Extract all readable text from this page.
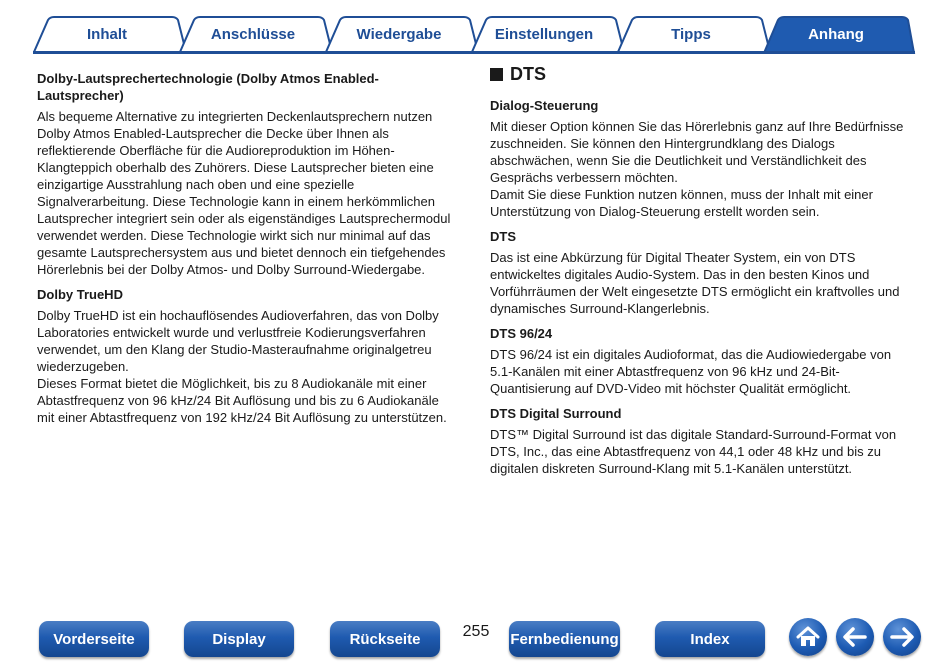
Inhalt	Anschlüsse	Wiedergabe	Einstellungen	Tipps	Anhang
Dolby-Lautsprechertechnologie (Dolby Atmos Enabled-Lautsprecher)
Als bequeme Alternative zu integrierten Deckenlautsprechern nutzen Dolby Atmos Enabled-Lautsprecher die Decke über Ihnen als reflektierende Oberfläche für die Audioreproduktion im Höhen-Klangteppich oberhalb des Zuhörers. Diese Lautsprecher bieten eine einzigartige Ausstrahlung nach oben und eine spezielle Signalverarbeitung. Diese Technologie kann in einem herkömmlichen Lautsprecher integriert sein oder als eigenständiges Lautsprechermodul verwendet werden. Diese Technologie wirkt sich nur minimal auf das gesamte Lautsprechersystem aus und bietet dennoch ein tiefgehendes Hörerlebnis bei der Dolby Atmos- und Dolby Surround-Wiedergabe.
Dolby TrueHD
Dolby TrueHD ist ein hochauflösendes Audioverfahren, das von Dolby Laboratories entwickelt wurde und verlustfreie Kodierungsverfahren verwendet, um den Klang der Studio-Masteraufnahme originalgetreu wiederzugeben.
Dieses Format bietet die Möglichkeit, bis zu 8 Audiokanäle mit einer Abtastfrequenz von 96 kHz/24 Bit Auflösung und bis zu 6 Audiokanäle mit einer Abtastfrequenz von 192 kHz/24 Bit Auflösung zu unterstützen.
DTS
Dialog-Steuerung
Mit dieser Option können Sie das Hörerlebnis ganz auf Ihre Bedürfnisse zuschneiden. Sie können den Hintergrundklang des Dialogs abschwächen, wenn Sie die Deutlichkeit und Verständlichkeit des Gesprächs verbessern möchten.
Damit Sie diese Funktion nutzen können, muss der Inhalt mit einer Unterstützung von Dialog-Steuerung erstellt worden sein.
DTS
Das ist eine Abkürzung für Digital Theater System, ein von DTS entwickeltes digitales Audio-System. Das in den besten Kinos und Vorführräumen der Welt eingesetzte DTS ermöglicht ein kraftvolles und dynamisches Surround-Klangerlebnis.
DTS 96/24
DTS 96/24 ist ein digitales Audioformat, das die Audiowiedergabe von 5.1-Kanälen mit einer Abtastfrequenz von 96 kHz und 24-Bit-Quantisierung auf DVD-Video mit höchster Qualität ermöglicht.
DTS Digital Surround
DTS™ Digital Surround ist das digitale Standard-Surround-Format von DTS, Inc., das eine Abtastfrequenz von 44,1 oder 48 kHz und bis zu digitalen diskreten Surround-Klang mit 5.1-Kanälen unterstützt.
Vorderseite	Display	Rückseite	255	Fernbedienung	Index
